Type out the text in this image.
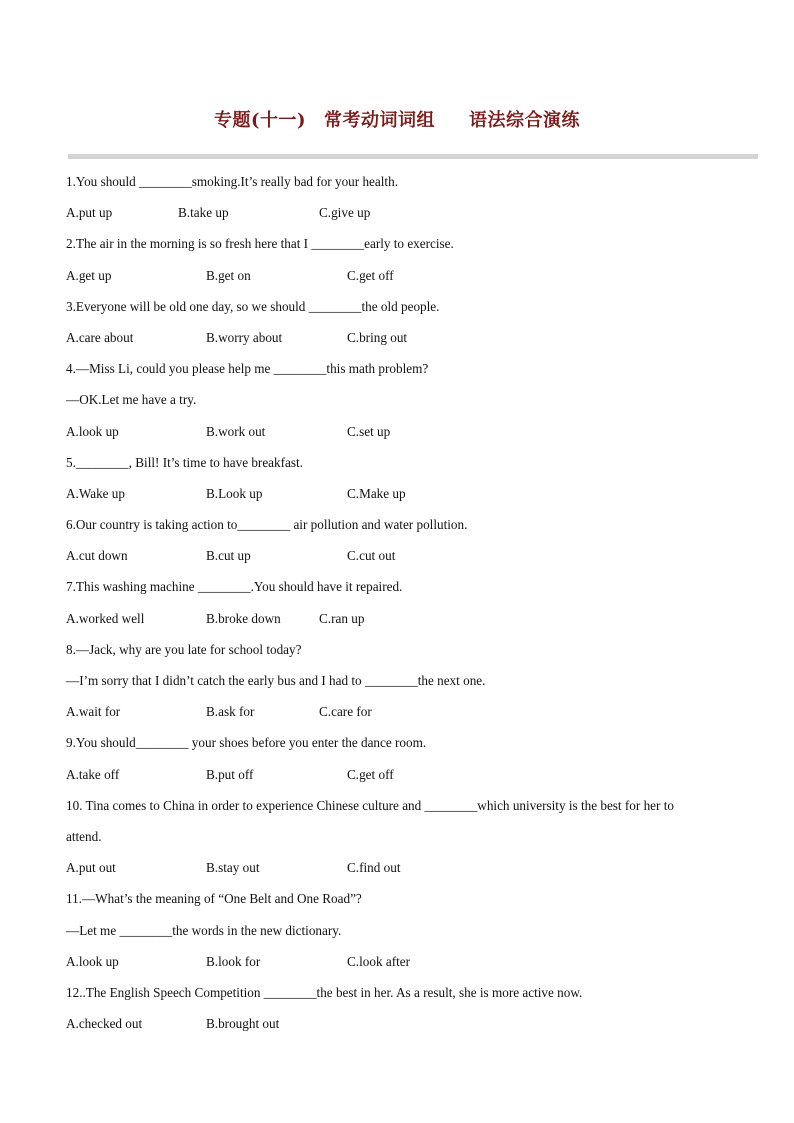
专题(十一) 常考动词词组 语法综合演练
1.You should ________smoking.It’s really bad for your health.
A.put up	B.take up	C.give up
2.The air in the morning is so fresh here that I ________early to exercise.
A.get up	B.get on	C.get off
3.Everyone will be old one day, so we should ________the old people.
A.care about	B.worry about	C.bring out
4.—Miss Li, could you please help me ________this math problem?
—OK.Let me have a try.
A.look up	B.work out	C.set up
5.________, Bill! It’s time to have breakfast.
A.Wake up	B.Look up	C.Make up
6.Our country is taking action to________ air pollution and water pollution.
A.cut down	B.cut up	C.cut out
7.This washing machine ________.You should have it repaired.
A.worked well	B.broke down	C.ran up
8.—Jack, why are you late for school today?
—I’m sorry that I didn’t catch the early bus and I had to ________the next one.
A.wait for	B.ask for	C.care for
9.You should________ your shoes before you enter the dance room.
A.take off	B.put off	C.get off
10. Tina comes to China in order to experience Chinese culture and ________which university is the best for her to
attend.
A.put out	B.stay out	C.find out
11.—What’s the meaning of “One Belt and One Road”?
—Let me ________the words in the new dictionary.
A.look up	B.look for	C.look after
12..The English Speech Competition ________the best in her. As a result, she is more active now.
A.checked out	B.brought out
